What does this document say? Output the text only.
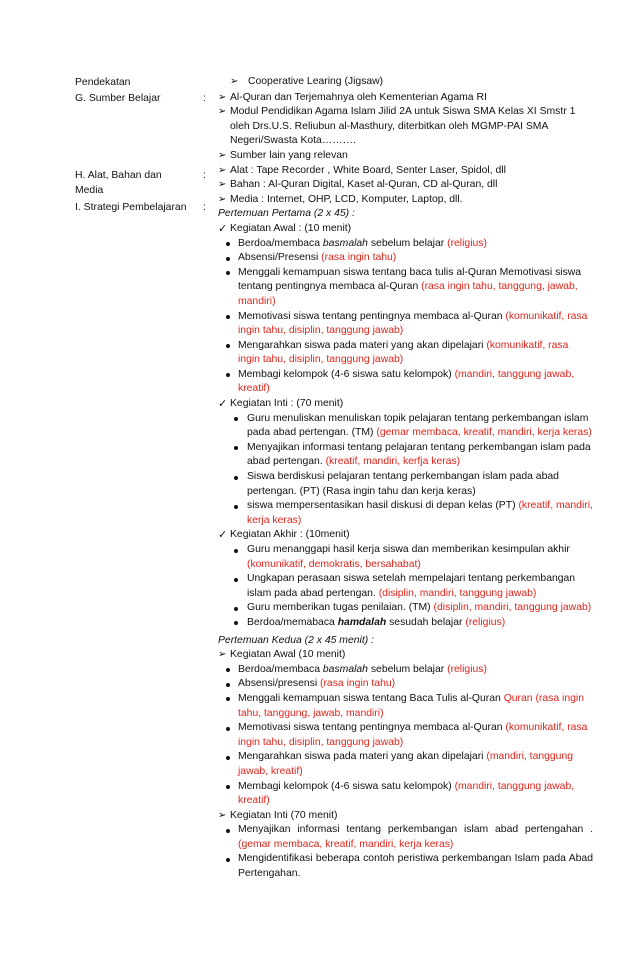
Pendekatan
G. Sumber Belajar	:
H. Alat, Bahan dan	:
Media
I. Strategi Pembelajaran :
➢ Cooperative Learing (Jigsaw)
➢ Al-Quran dan Terjemahnya oleh Kementerian Agama RI
➢ Modul Pendidikan Agama Islam Jilid 2A untuk Siswa SMA Kelas XI Smstr 1 oleh Drs.U.S. Reliubun al-Masthury, diterbitkan oleh MGMP-PAI SMA Negeri/Swasta Kota……….
➢ Sumber lain yang relevan
➢ Alat : Tape Recorder , White Board, Senter Laser, Spidol, dll
➢ Bahan : Al-Quran Digital, Kaset al-Quran, CD al-Quran, dll
➢ Media : Internet, OHP, LCD, Komputer, Laptop, dll.
Pertemuan Pertama (2 x 45) :
✓ Kegiatan Awal : (10 menit)
Berdoa/membaca basmalah sebelum belajar (religius)
Absensi/Presensi (rasa ingin tahu)
Menggali kemampuan siswa tentang baca tulis al-Quran Memotivasi siswa tentang pentingnya membaca al-Quran (rasa ingin tahu, tanggung, jawab, mandiri)
Memotivasi siswa tentang pentingnya membaca al-Quran (komunikatif, rasa ingin tahu, disiplin, tanggung jawab)
Mengarahkan siswa pada materi yang akan dipelajari (komunikatif, rasa ingin tahu, disiplin, tanggung jawab)
Membagi kelompok (4-6 siswa satu kelompok) (mandiri, tanggung jawab, kreatif)
✓ Kegiatan Inti : (70 menit)
Guru menuliskan menuliskan topik pelajaran tentang perkembangan islam pada abad pertengan. (TM) (gemar membaca, kreatif, mandiri, kerja keras)
Menyajikan informasi tentang pelajaran tentang perkembangan islam pada abad pertengan. (kreatif, mandiri, kerfja keras)
Siswa berdiskusi pelajaran tentang perkembangan islam pada abad pertengan. (PT) (Rasa ingin tahu dan kerja keras)
siswa mempersentasikan hasil diskusi di depan kelas (PT) (kreatif, mandiri, kerja keras)
✓ Kegiatan Akhir : (10menit)
Guru menanggapi hasil kerja siswa dan memberikan kesimpulan akhir (komunikatif, demokratis, bersahabat)
Ungkapan perasaan siswa setelah mempelajari tentang perkembangan islam pada abad pertengan. (disiplin, mandiri, tanggung jawab)
Guru memberikan tugas penilaian. (TM) (disiplin, mandiri, tanggung jawab)
Berdoa/memabaca hamdalah sesudah belajar (religius)
Pertemuan Kedua (2 x 45 menit) :
➢ Kegiatan Awal (10 menit)
Berdoa/membaca basmalah sebelum belajar (religius)
Absensi/presensi (rasa ingin tahu)
Menggali kemampuan siswa tentang Baca Tulis al-Quran Quran (rasa ingin tahu, tanggung, jawab, mandiri)
Memotivasi siswa tentang pentingnya membaca al-Quran (komunikatif, rasa ingin tahu, disiplin, tanggung jawab)
Mengarahkan siswa pada materi yang akan dipelajari (mandiri, tanggung jawab, kreatif)
Membagi kelompok (4-6 siswa satu kelompok) (mandiri, tanggung jawab, kreatif)
➢ Kegiatan Inti (70 menit)
Menyajikan informasi tentang perkembangan islam abad pertengahan .(gemar membaca, kreatif, mandiri, kerja keras)
Mengidentifikasi beberapa contoh peristiwa perkembangan Islam pada Abad Pertengahan.
